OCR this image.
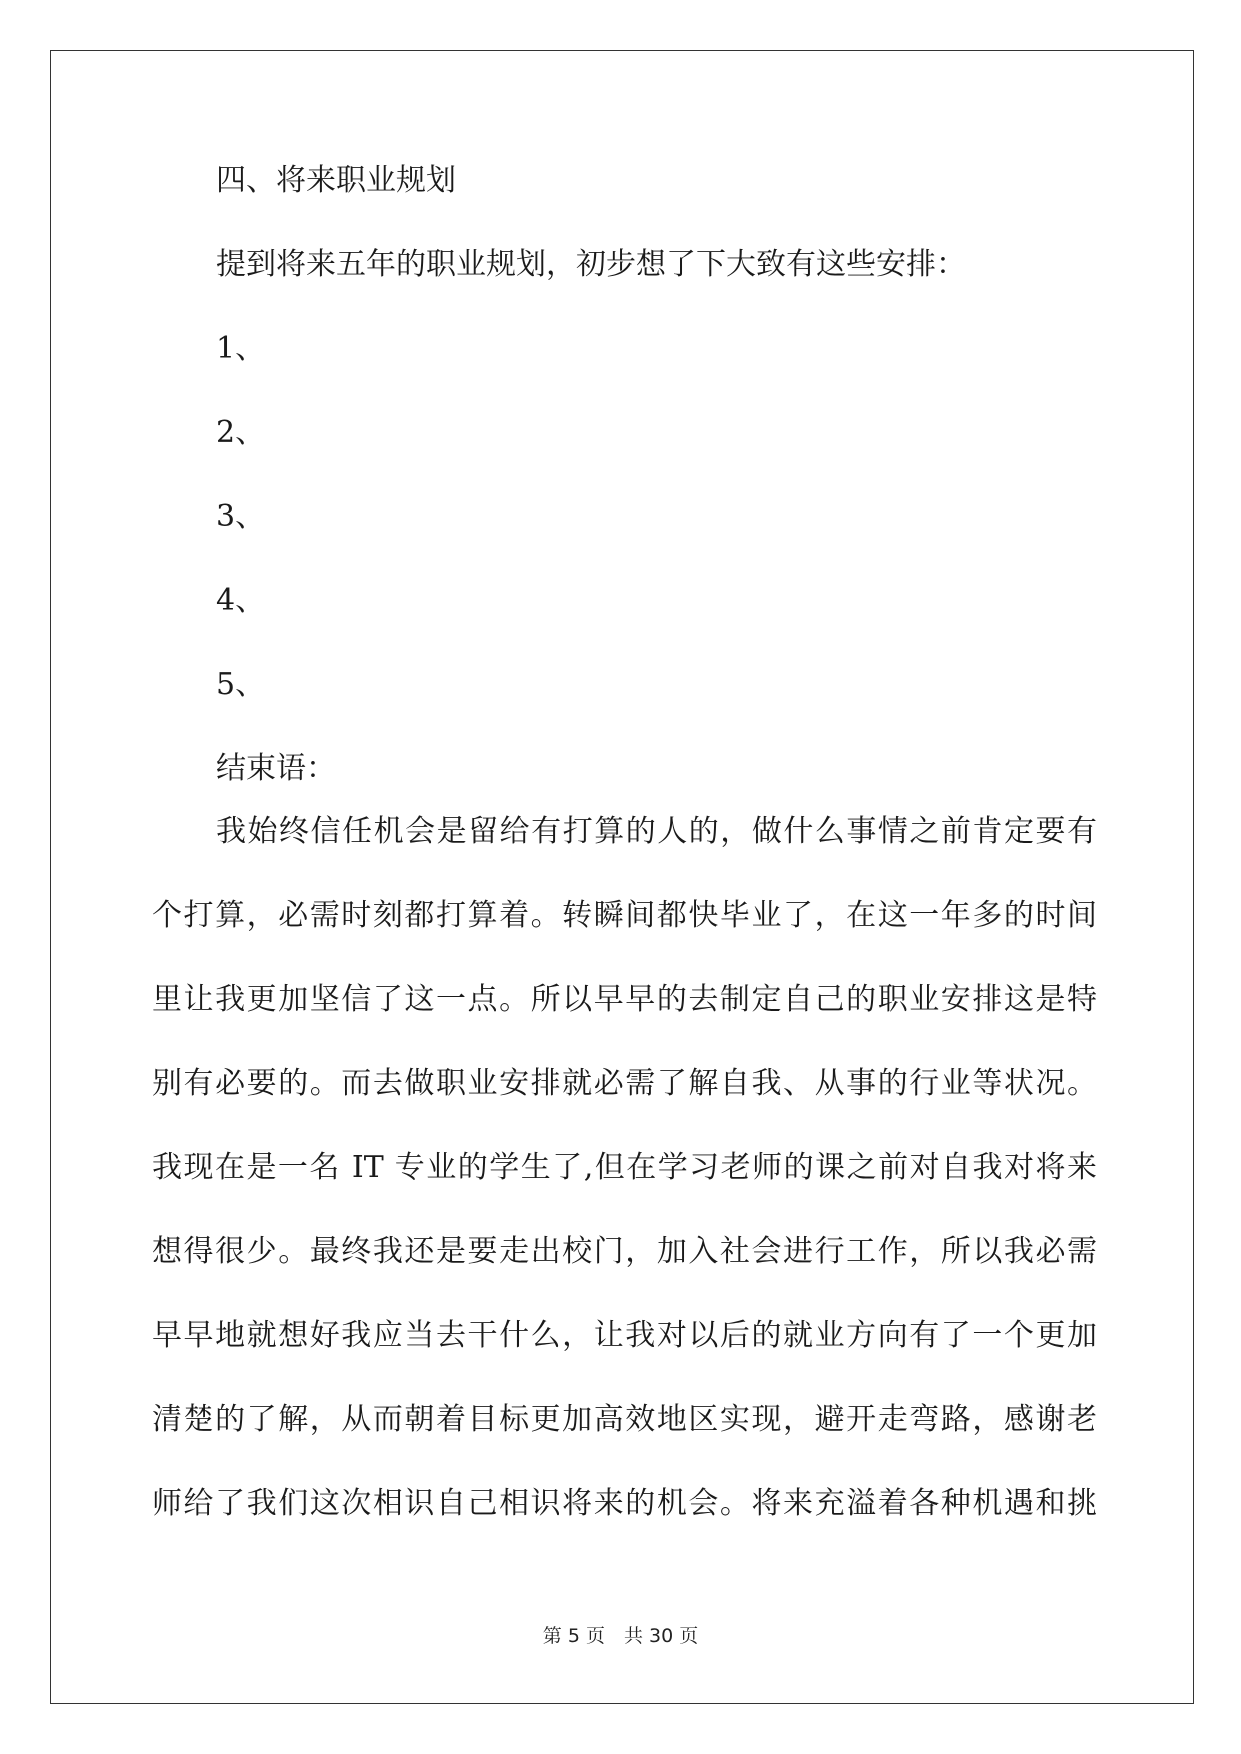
四、将来职业规划
提到将来五年的职业规划，初步想了下大致有这些安排：
1、
2、
3、
4、
5、
结束语：

我始终信任机会是留给有打算的人的，做什么事情之前肯定要有

个打算，必需时刻都打算着。转瞬间都快毕业了，在这一年多的时间

里让我更加坚信了这一点。所以早早的去制定自己的职业安排这是特

别有必要的。而去做职业安排就必需了解自我、从事的行业等状况。

我现在是一名 IT 专业的学生了,但在学习老师的课之前对自我对将来

想得很少。最终我还是要走出校门，加入社会进行工作，所以我必需

早早地就想好我应当去干什么，让我对以后的就业方向有了一个更加

清楚的了解，从而朝着目标更加高效地区实现，避开走弯路，感谢老

师给了我们这次相识自己相识将来的机会。将来充溢着各种机遇和挑

第 5 页　共 30 页
